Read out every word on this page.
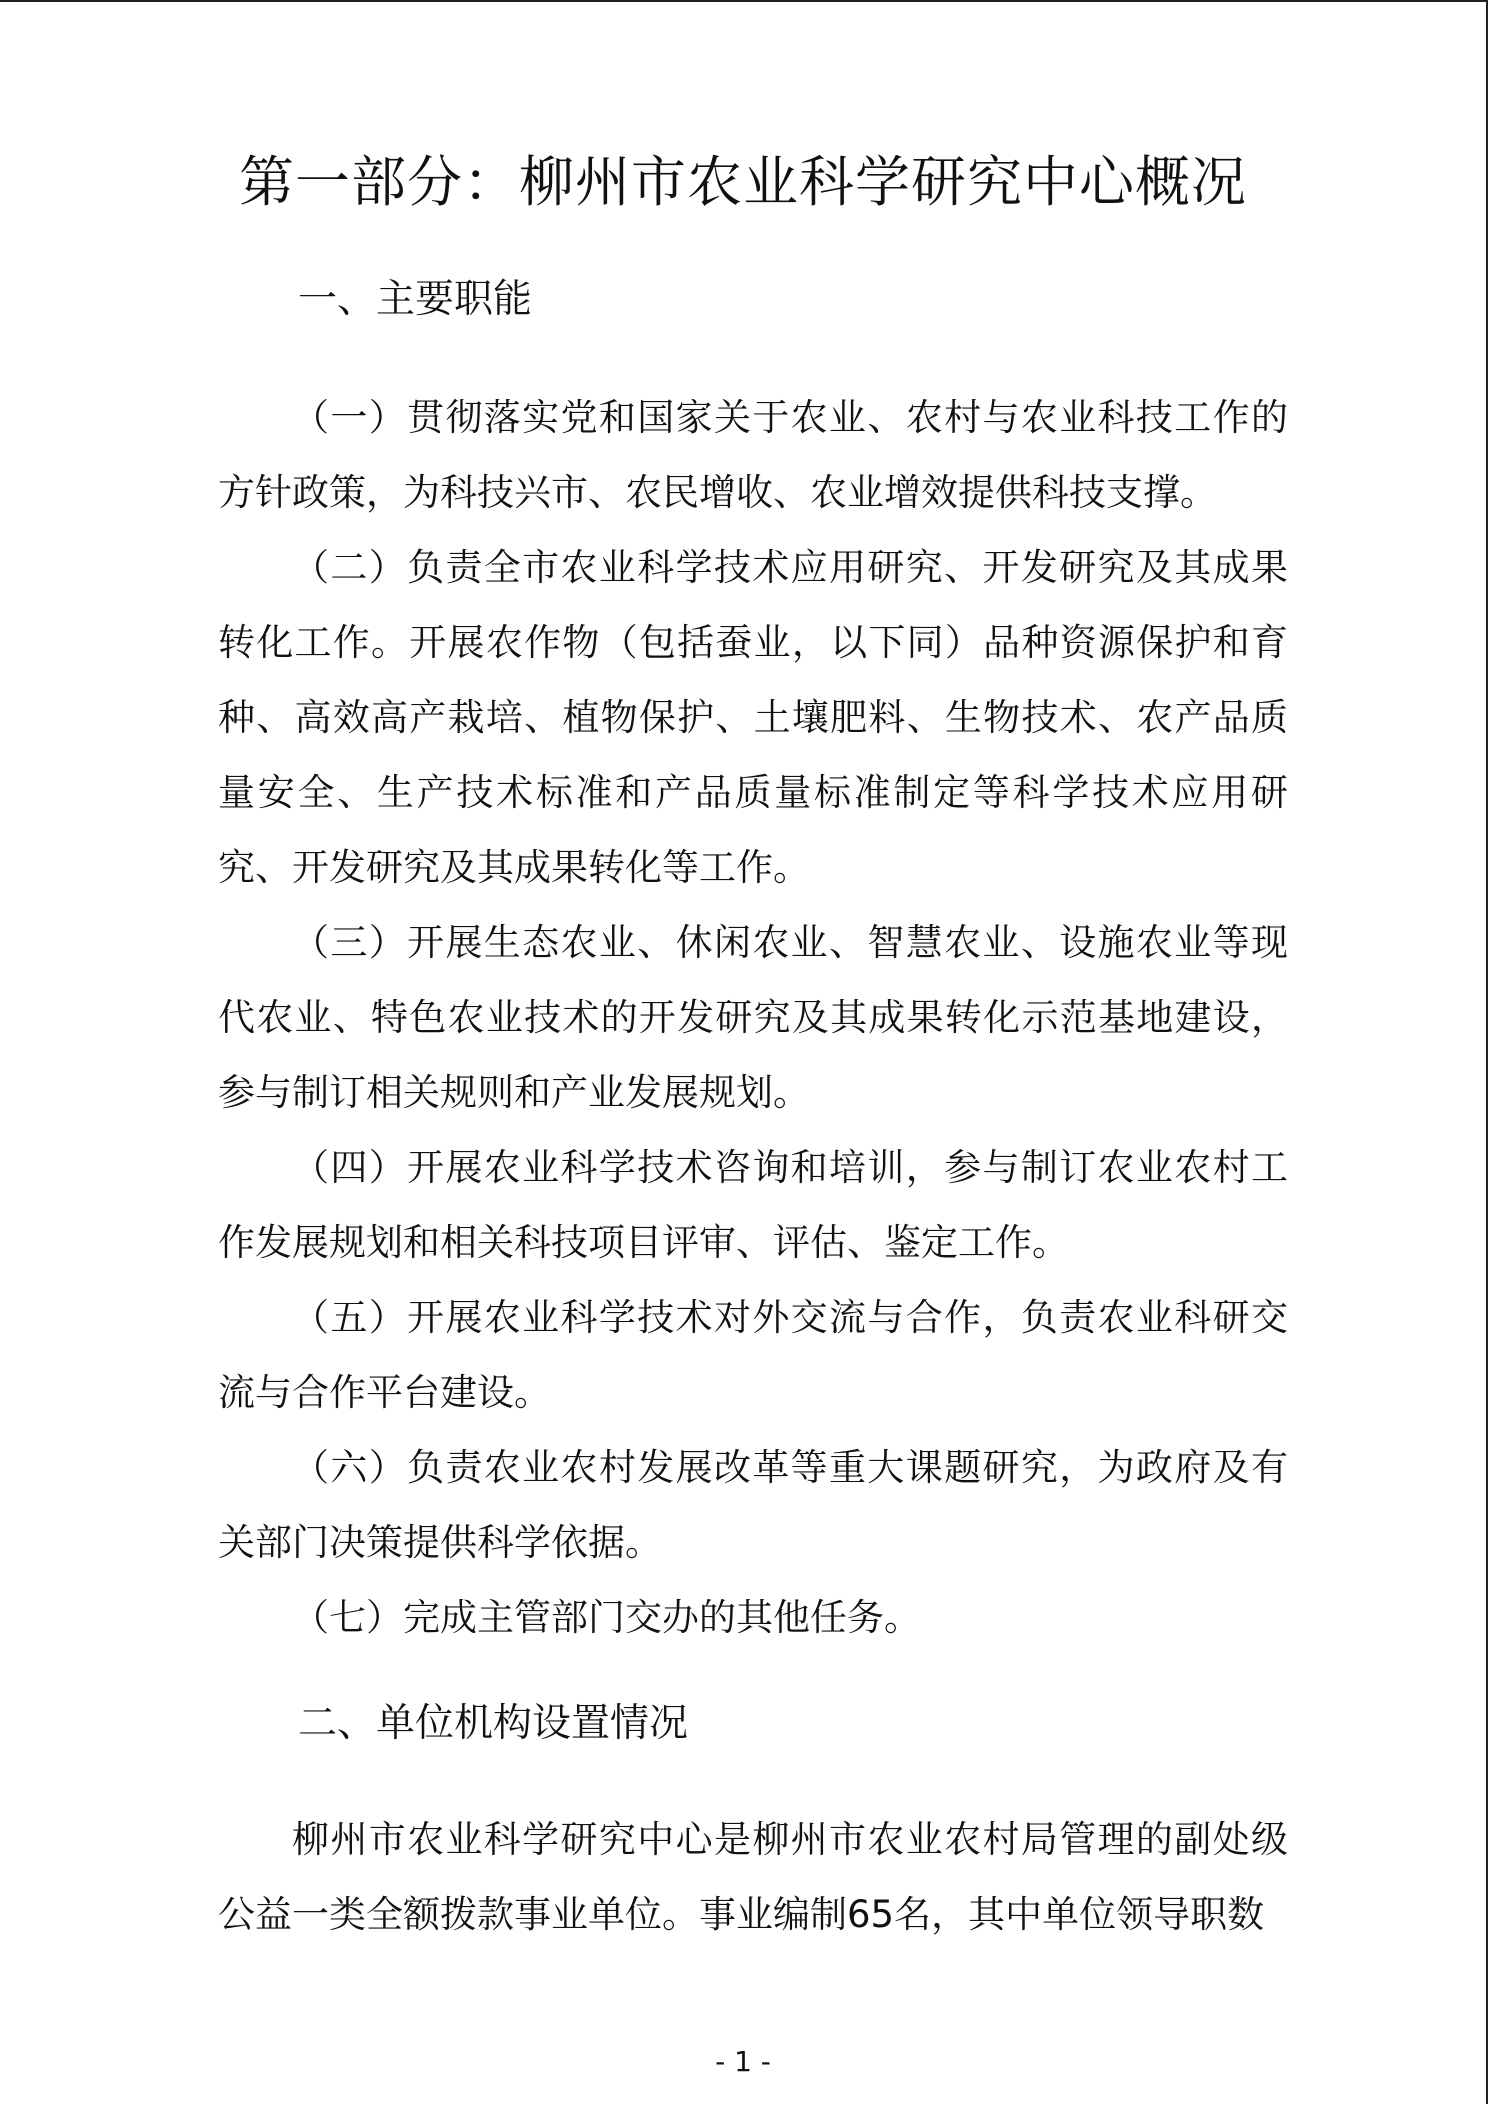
第一部分：柳州市农业科学研究中心概况
一、主要职能

（一）贯彻落实党和国家关于农业、农村与农业科技工作的方针政策，为科技兴市、农民增收、农业增效提供科技支撑。

（二）负责全市农业科学技术应用研究、开发研究及其成果转化工作。开展农作物（包括蚕业，以下同）品种资源保护和育种、高效高产栽培、植物保护、土壤肥料、生物技术、农产品质量安全、生产技术标准和产品质量标准制定等科学技术应用研究、开发研究及其成果转化等工作。

（三）开展生态农业、休闲农业、智慧农业、设施农业等现代农业、特色农业技术的开发研究及其成果转化示范基地建设，参与制订相关规则和产业发展规划。

（四）开展农业科学技术咨询和培训，参与制订农业农村工作发展规划和相关科技项目评审、评估、鉴定工作。

（五）开展农业科学技术对外交流与合作，负责农业科研交流与合作平台建设。

（六）负责农业农村发展改革等重大课题研究，为政府及有关部门决策提供科学依据。

（七）完成主管部门交办的其他任务。

二、单位机构设置情况

柳州市农业科学研究中心是柳州市农业农村局管理的副处级公益一类全额拨款事业单位。事业编制65名，其中单位领导职数

- 1 -
